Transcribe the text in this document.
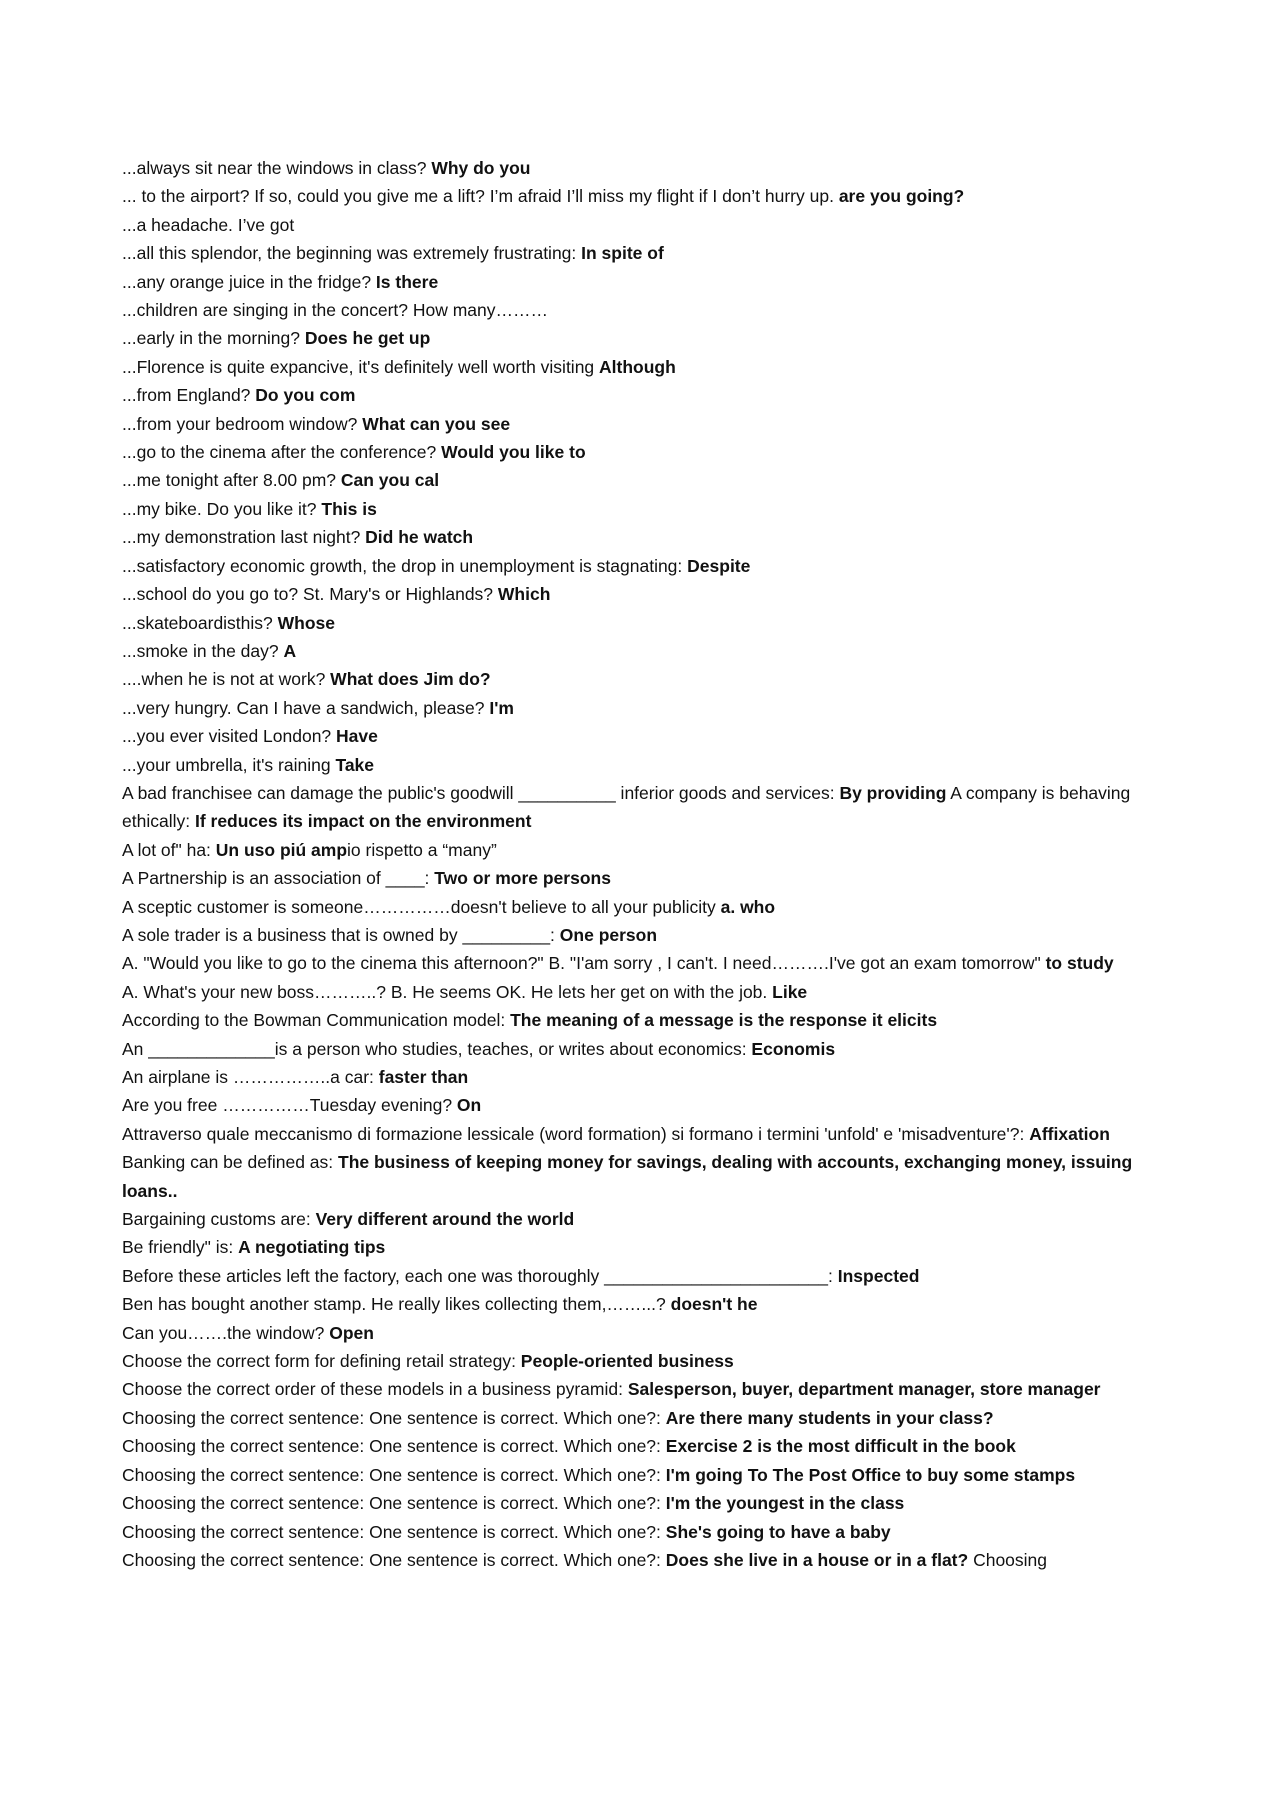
...always sit near the windows in class? Why do you
... to the airport? If so, could you give me a lift? I’m afraid I’ll miss my flight if I don’t hurry up. are you going?
...a headache. I’ve got
...all this splendor, the beginning was extremely frustrating: In spite of
...any orange juice in the fridge? Is there
...children are singing in the concert? How many………
...early in the morning? Does he get up
...Florence is quite expancive, it's definitely well worth visiting Although
...from England? Do you com
...from your bedroom window? What can you see
...go to the cinema after the conference? Would you like to
...me tonight after 8.00 pm? Can you cal
...my bike. Do you like it? This is
...my demonstration last night? Did he watch
...satisfactory economic growth, the drop in unemployment is stagnating: Despite
...school do you go to? St. Mary's or Highlands? Which
...skateboardisthis? Whose
...smoke in the day? A
....when he is not at work? What does Jim do?
...very hungry. Can I have a sandwich, please? I'm
...you ever visited London? Have
...your umbrella, it's raining Take
A bad franchisee can damage the public's goodwill __________ inferior goods and services: By providing A company is behaving ethically: If reduces its impact on the environment
A lot of" ha: Un uso piú ampio rispetto a “many”
A Partnership is an association of ____: Two or more persons
A sceptic customer is someone……………doesn't believe to all your publicity a. who
A sole trader is a business that is owned by _________: One person
A. "Would you like to go to the cinema this afternoon?" B. "I'am sorry , I can't. I need……….I've got an exam tomorrow" to study
A. What's your new boss………..? B. He seems OK. He lets her get on with the job. Like
According to the Bowman Communication model: The meaning of a message is the response it elicits
An _____________is a person who studies, teaches, or writes about economics: Economis
An airplane is ……………..a car: faster than
Are you free ……………Tuesday evening? On
Attraverso quale meccanismo di formazione lessicale (word formation) si formano i termini 'unfold' e 'misadventure'?: Affixation
Banking can be defined as: The business of keeping money for savings, dealing with accounts, exchanging money, issuing loans..
Bargaining customs are: Very different around the world
Be friendly" is: A negotiating tips
Before these articles left the factory, each one was thoroughly _______________________: Inspected
Ben has bought another stamp. He really likes collecting them,……...? doesn't he
Can you…….the window? Open
Choose the correct form for defining retail strategy: People-oriented business
Choose the correct order of these models in a business pyramid: Salesperson, buyer, department manager, store manager
Choosing the correct sentence: One sentence is correct. Which one?: Are there many students in your class?
Choosing the correct sentence: One sentence is correct. Which one?: Exercise 2 is the most difficult in the book
Choosing the correct sentence: One sentence is correct. Which one?: I'm going To The Post Office to buy some stamps
Choosing the correct sentence: One sentence is correct. Which one?: I'm the youngest in the class
Choosing the correct sentence: One sentence is correct. Which one?: She's going to have a baby
Choosing the correct sentence: One sentence is correct. Which one?: Does she live in a house or in a flat? Choosing
